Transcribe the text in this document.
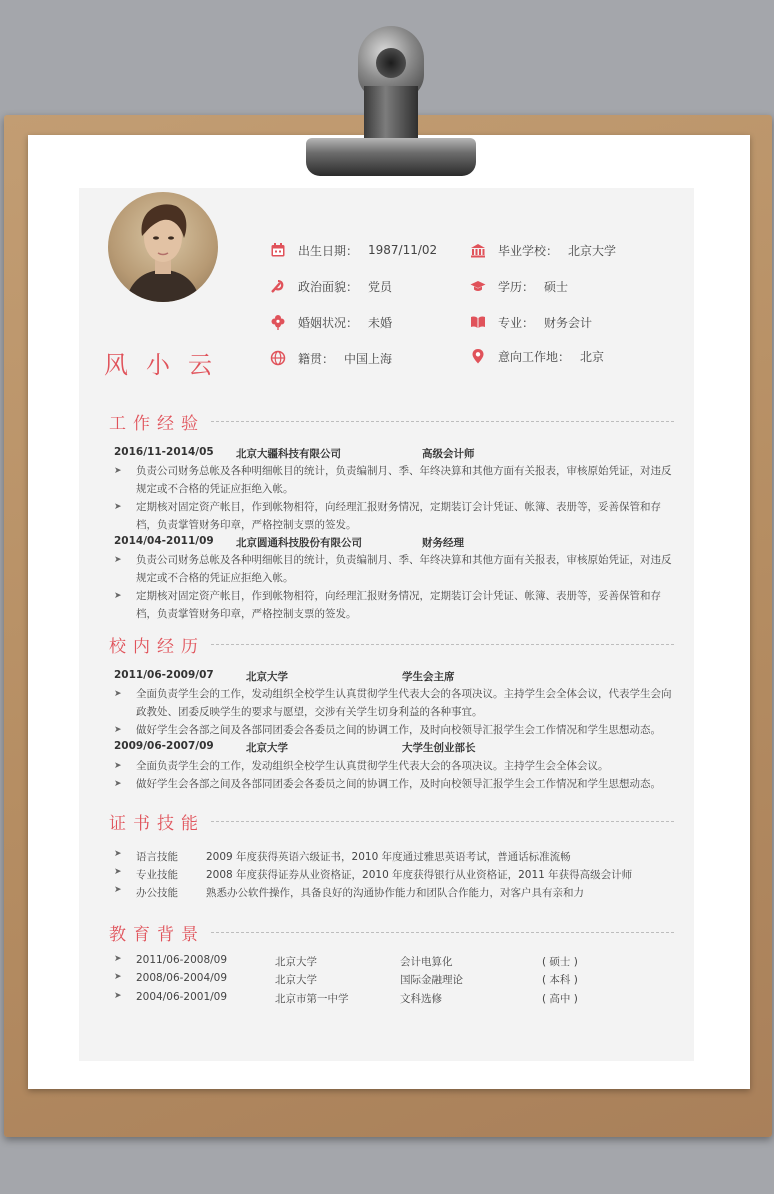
风小云
出生日期： 1987/11/02	毕业学校： 北京大学
政治面貌： 党员	学历： 硕士
婚姻状况： 未婚	专业： 财务会计
籍贯： 中国上海	意向工作地： 北京
工作经验
2016/11-2014/05 北京大疆科技有限公司	高级会计师
➤ 负责公司财务总帐及各种明细帐目的统计，负责编制月、季、年终决算和其他方面有关报表，审核原始凭证，对违反规定或不合格的凭证应拒绝入帐。
➤ 定期核对固定资产帐目，作到帐物相符，向经理汇报财务情况，定期装订会计凭证、帐簿、表册等，妥善保管和存档，负责掌管财务印章，严格控制支票的签发。
2014/04-2011/09 北京圆通科技股份有限公司	财务经理
➤ 负责公司财务总帐及各种明细帐目的统计，负责编制月、季、年终决算和其他方面有关报表，审核原始凭证，对违反规定或不合格的凭证应拒绝入帐。
➤ 定期核对固定资产帐目，作到帐物相符，向经理汇报财务情况，定期装订会计凭证、帐簿、表册等，妥善保管和存档，负责掌管财务印章，严格控制支票的签发。
校内经历
2011/06-2009/07	北京大学	学生会主席
➤ 全面负责学生会的工作，发动组织全校学生认真贯彻学生代表大会的各项决议。主持学生会全体会议，代表学生会向政教处、团委反映学生的要求与愿望，交涉有关学生切身利益的各种事宜。
➤ 做好学生会各部之间及各部同团委会各委员之间的协调工作，及时向校领导汇报学生会工作情况和学生思想动态。
2009/06-2007/09	北京大学	大学生创业部长
➤ 全面负责学生会的工作，发动组织全校学生认真贯彻学生代表大会的各项决议。主持学生会全体会议。
➤ 做好学生会各部之间及各部同团委会各委员之间的协调工作，及时向校领导汇报学生会工作情况和学生思想动态。
证书技能
➤ 语言技能	2009 年度获得英语六级证书，2010 年度通过雅思英语考试，普通话标准流畅
➤ 专业技能	2008 年度获得证券从业资格证，2010 年度获得银行从业资格证，2011 年获得高级会计师
➤ 办公技能	熟悉办公软件操作，具备良好的沟通协作能力和团队合作能力，对客户具有亲和力
教育背景
➤ 2011/06-2008/09	北京大学	会计电算化	( 硕士 )
➤ 2008/06-2004/09	北京大学	国际金融理论	( 本科 )
➤ 2004/06-2001/09	北京市第一中学	文科选修	( 高中 )
